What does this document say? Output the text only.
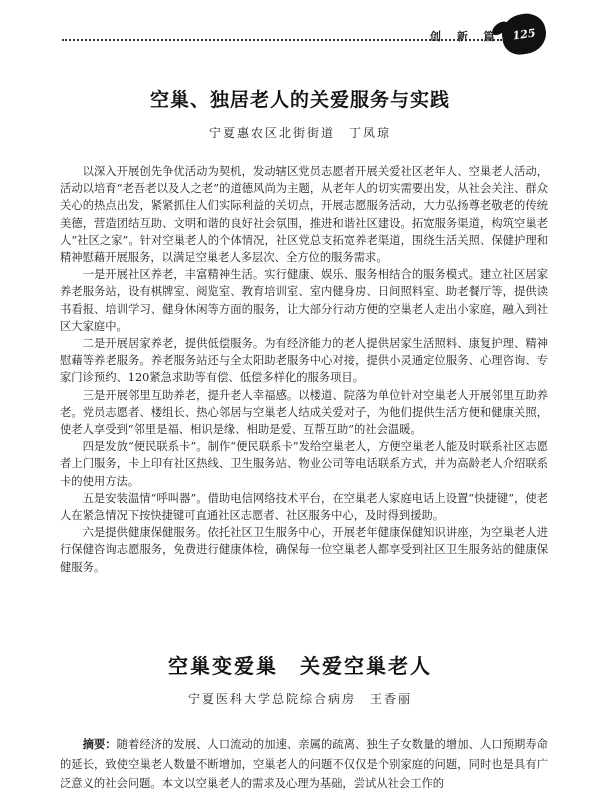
创 新 篇 125
空巢、独居老人的关爱服务与实践
宁夏惠农区北街街道　丁凤琼

以深入开展创先争优活动为契机，发动辖区党员志愿者开展关爱社区老年人、空巢老人活动，活动以培育“老吾老以及人之老”的道德风尚为主题，从老年人的切实需要出发，从社会关注、群众关心的热点出发，紧紧抓住人们实际利益的关切点，开展志愿服务活动，大力弘扬尊老敬老的传统美德，营造团结互助、文明和谐的良好社会氛围，推进和谐社区建设。拓宽服务渠道，构筑空巢老人“社区之家”。针对空巢老人的个体情况，社区党总支拓宽养老渠道，围绕生活关照、保健护理和精神慰藉开展服务，以满足空巢老人多层次、全方位的服务需求。

一是开展社区养老，丰富精神生活。实行健康、娱乐、服务相结合的服务模式。建立社区居家养老服务站，设有棋牌室、阅览室、教育培训室、室内健身房、日间照料室、助老餐厅等，提供读书看报、培训学习、健身休闲等方面的服务，让大部分行动方便的空巢老人走出小家庭，融入到社区大家庭中。

二是开展居家养老，提供低偿服务。为有经济能力的老人提供居家生活照料、康复护理、精神慰藉等养老服务。养老服务站还与全太阳助老服务中心对接，提供小灵通定位服务、心理咨询、专家门诊预约、120紧急求助等有偿、低偿多样化的服务项目。

三是开展邻里互助养老，提升老人幸福感。以楼道、院落为单位针对空巢老人开展邻里互助养老。党员志愿者、楼组长、热心邻居与空巢老人结成关爱对子，为他们提供生活方便和健康关照，使老人享受到“邻里是福、相识是缘、相助是爱、互帮互助”的社会温暖。

四是发放“便民联系卡”。制作“便民联系卡”发给空巢老人，方便空巢老人能及时联系社区志愿者上门服务，卡上印有社区热线、卫生服务站、物业公司等电话联系方式，并为高龄老人介绍联系卡的使用方法。

五是安装温情“呼叫器”。借助电信网络技术平台，在空巢老人家庭电话上设置“快捷键”，使老人在紧急情况下按快捷键可直通社区志愿者、社区服务中心，及时得到援助。

六是提供健康保健服务。依托社区卫生服务中心，开展老年健康保健知识讲座，为空巢老人进行保健咨询志愿服务，免费进行健康体检，确保每一位空巢老人都享受到社区卫生服务站的健康保健服务。

空巢变爱巢　关爱空巢老人
宁夏医科大学总院综合病房　王香丽
摘要：随着经济的发展、人口流动的加速、亲属的疏离、独生子女数量的增加、人口预期寿命的延长，致使空巢老人数量不断增加，空巢老人的问题不仅仅是个别家庭的问题，同时也是具有广泛意义的社会问题。本文以空巢老人的需求及心理为基础，尝试从社会工作的
